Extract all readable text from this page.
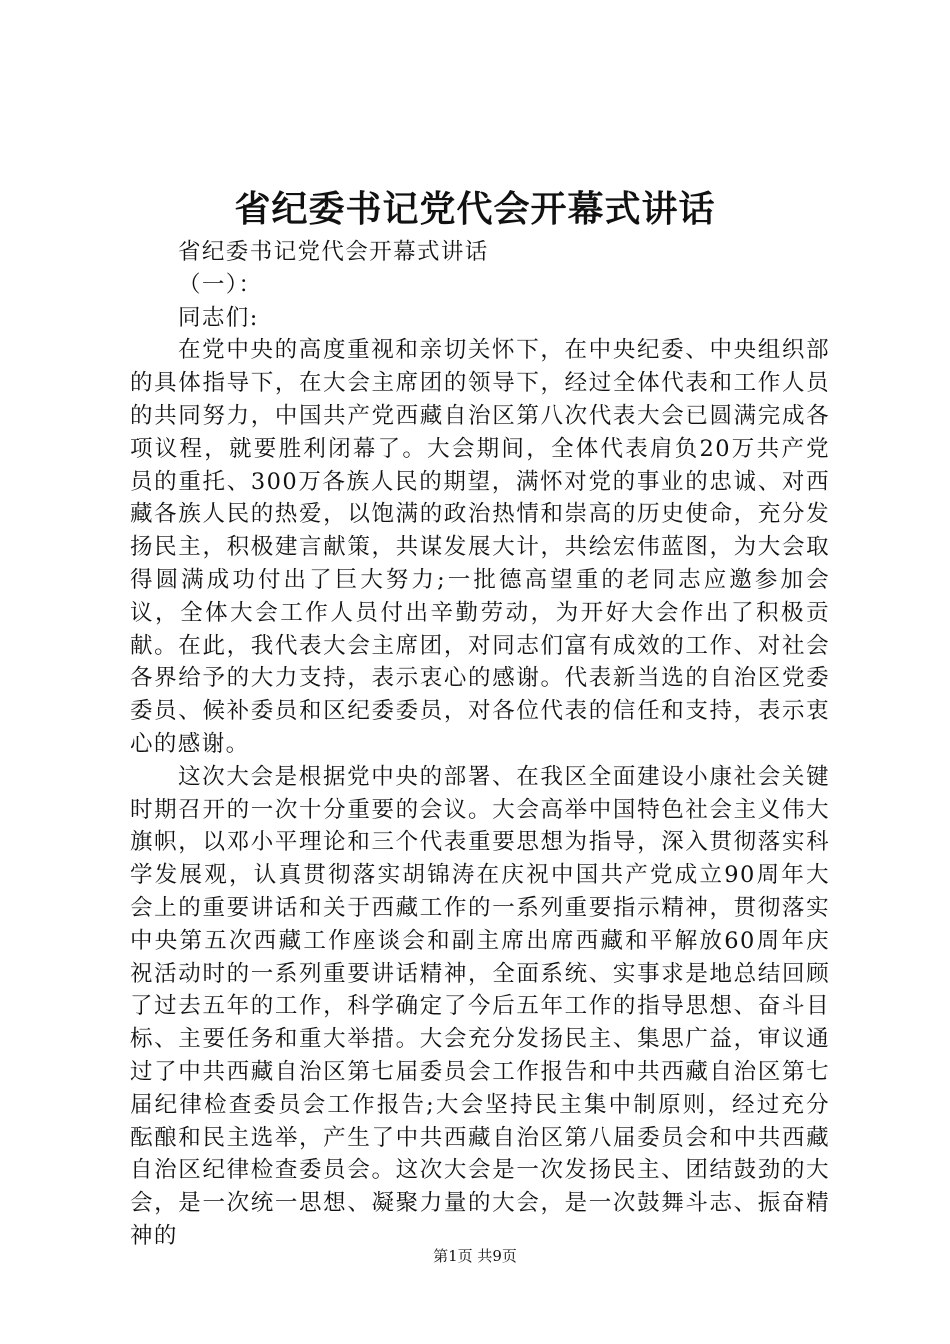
省纪委书记党代会开幕式讲话

省纪委书记党代会开幕式讲话

（一）：

同志们:

在党中央的高度重视和亲切关怀下，在中央纪委、中央组织部的具体指导下，在大会主席团的领导下，经过全体代表和工作人员的共同努力，中国共产党西藏自治区第八次代表大会已圆满完成各项议程，就要胜利闭幕了。大会期间，全体代表肩负20万共产党员的重托、300万各族人民的期望，满怀对党的事业的忠诚、对西藏各族人民的热爱，以饱满的政治热情和崇高的历史使命，充分发扬民主，积极建言献策，共谋发展大计，共绘宏伟蓝图，为大会取得圆满成功付出了巨大努力;一批德高望重的老同志应邀参加会议，全体大会工作人员付出辛勤劳动，为开好大会作出了积极贡献。在此，我代表大会主席团，对同志们富有成效的工作、对社会各界给予的大力支持，表示衷心的感谢。代表新当选的自治区党委委员、候补委员和区纪委委员，对各位代表的信任和支持，表示衷心的感谢。

这次大会是根据党中央的部署、在我区全面建设小康社会关键时期召开的一次十分重要的会议。大会高举中国特色社会主义伟大旗帜，以邓小平理论和三个代表重要思想为指导，深入贯彻落实科学发展观，认真贯彻落实胡锦涛在庆祝中国共产党成立90周年大会上的重要讲话和关于西藏工作的一系列重要指示精神，贯彻落实中央第五次西藏工作座谈会和副主席出席西藏和平解放60周年庆祝活动时的一系列重要讲话精神，全面系统、实事求是地总结回顾了过去五年的工作，科学确定了今后五年工作的指导思想、奋斗目标、主要任务和重大举措。大会充分发扬民主、集思广益，审议通过了中共西藏自治区第七届委员会工作报告和中共西藏自治区第七届纪律检查委员会工作报告;大会坚持民主集中制原则，经过充分酝酿和民主选举，产生了中共西藏自治区第八届委员会和中共西藏自治区纪律检查委员会。这次大会是一次发扬民主、团结鼓劲的大会，是一次统一思想、凝聚力量的大会，是一次鼓舞斗志、振奋精神的

第1页 共9页
